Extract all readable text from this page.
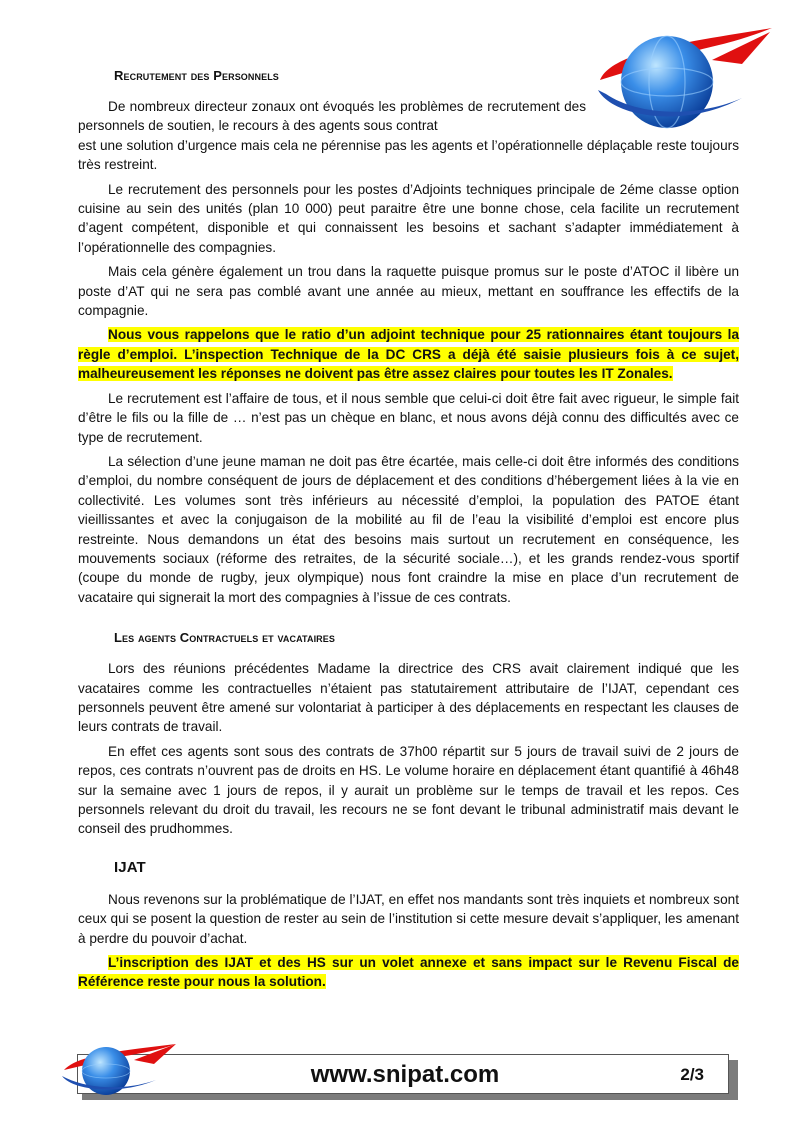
Recrutement des Personnels

De nombreux directeur zonaux ont évoqués les problèmes de recrutement des personnels de soutien, le recours à des agents sous contrat

est une solution d’urgence mais cela ne pérennise pas les agents et l’opérationnelle déplaçable reste toujours très restreint.

Le recrutement des personnels pour les postes d’Adjoints techniques principale de 2éme classe option cuisine au sein des unités (plan 10 000) peut paraitre être une bonne chose, cela facilite un recrutement d’agent compétent, disponible et qui connaissent les besoins et sachant s’adapter immédiatement à l’opérationnelle des compagnies.

Mais cela génère également un trou dans la raquette puisque promus sur le poste d’ATOC il libère un poste d’AT qui ne sera pas comblé avant une année au mieux, mettant en souffrance les effectifs de la compagnie.

Nous vous rappelons que le ratio d’un adjoint technique pour 25 rationnaires étant toujours la règle d’emploi. L’inspection Technique de la DC CRS a déjà été saisie plusieurs fois à ce sujet, malheureusement les réponses ne doivent pas être assez claires pour toutes les IT Zonales.

Le recrutement est l’affaire de tous, et il nous semble que celui-ci doit être fait avec rigueur, le simple fait d’être le fils ou la fille de … n’est pas un chèque en blanc, et nous avons déjà connu des difficultés avec ce type de recrutement.

La sélection d’une jeune maman ne doit pas être écartée, mais celle-ci doit être informés des conditions d’emploi, du nombre conséquent de jours de déplacement et des conditions d’hébergement liées à la vie en collectivité. Les volumes sont très inférieurs au nécessité d’emploi, la population des PATOE étant vieillissantes et avec la conjugaison de la mobilité au fil de l’eau la visibilité d’emploi est encore plus restreinte. Nous demandons un état des besoins mais surtout un recrutement en conséquence, les mouvements sociaux (réforme des retraites, de la sécurité sociale…), et les grands rendez-vous sportif (coupe du monde de rugby, jeux olympique) nous font craindre la mise en place d’un recrutement de vacataire qui signerait la mort des compagnies à l’issue de ces contrats.

Les agents Contractuels et vacataires

Lors des réunions précédentes Madame la directrice des CRS avait clairement indiqué que les vacataires comme les contractuelles n’étaient pas statutairement attributaire de l’IJAT, cependant ces personnels peuvent être amené sur volontariat à participer à des déplacements en respectant les clauses de leurs contrats de travail.

En effet ces agents sont sous des contrats de 37h00 répartit sur 5 jours de travail suivi de 2 jours de repos, ces contrats n’ouvrent pas de droits en HS. Le volume horaire en déplacement étant quantifié à 46h48 sur la semaine avec 1 jours de repos, il y aurait un problème sur le temps de travail et les repos. Ces personnels relevant du droit du travail, les recours ne se font devant le tribunal administratif mais devant le conseil des prudhommes.

IJAT

Nous revenons sur la problématique de l’IJAT, en effet nos mandants sont très inquiets et nombreux sont ceux qui se posent la question de rester au sein de l’institution si cette mesure devait s’appliquer, les amenant à perdre du pouvoir d’achat.

L’inscription des IJAT et des HS sur un volet annexe et sans impact sur le Revenu Fiscal de Référence reste pour nous la solution.

www.snipat.com	2/3
